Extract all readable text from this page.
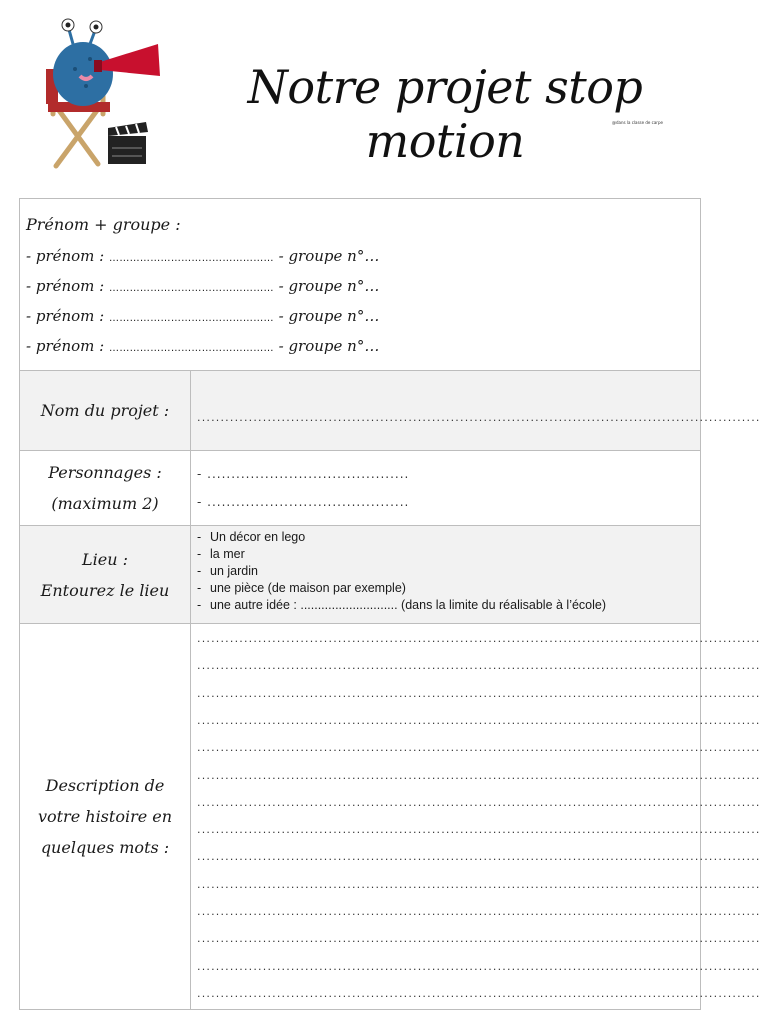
Notre projet stop motion	@dans la classe de carpe
Prénom + groupe :
- prénom : ………………………………………… - groupe n°…
- prénom : ………………………………………… - groupe n°…
- prénom : ………………………………………… - groupe n°…
- prénom : ………………………………………… - groupe n°…
Nom du projet :	........................................................................................................................
Personnages :
(maximum 2)
- ..........................................
- ..........................................
Lieu :
Entourez le lieu
- Un décor en lego
- la mer
- un jardin
- une pièce (de maison par exemple)
- une autre idée : ............................ (dans la limite du réalisable à l’école)
Description de
votre histoire en
quelques mots :
........................................................................................................................
........................................................................................................................
........................................................................................................................
........................................................................................................................
........................................................................................................................
........................................................................................................................
........................................................................................................................
........................................................................................................................
........................................................................................................................
........................................................................................................................
........................................................................................................................
........................................................................................................................
........................................................................................................................
........................................................................................................................
